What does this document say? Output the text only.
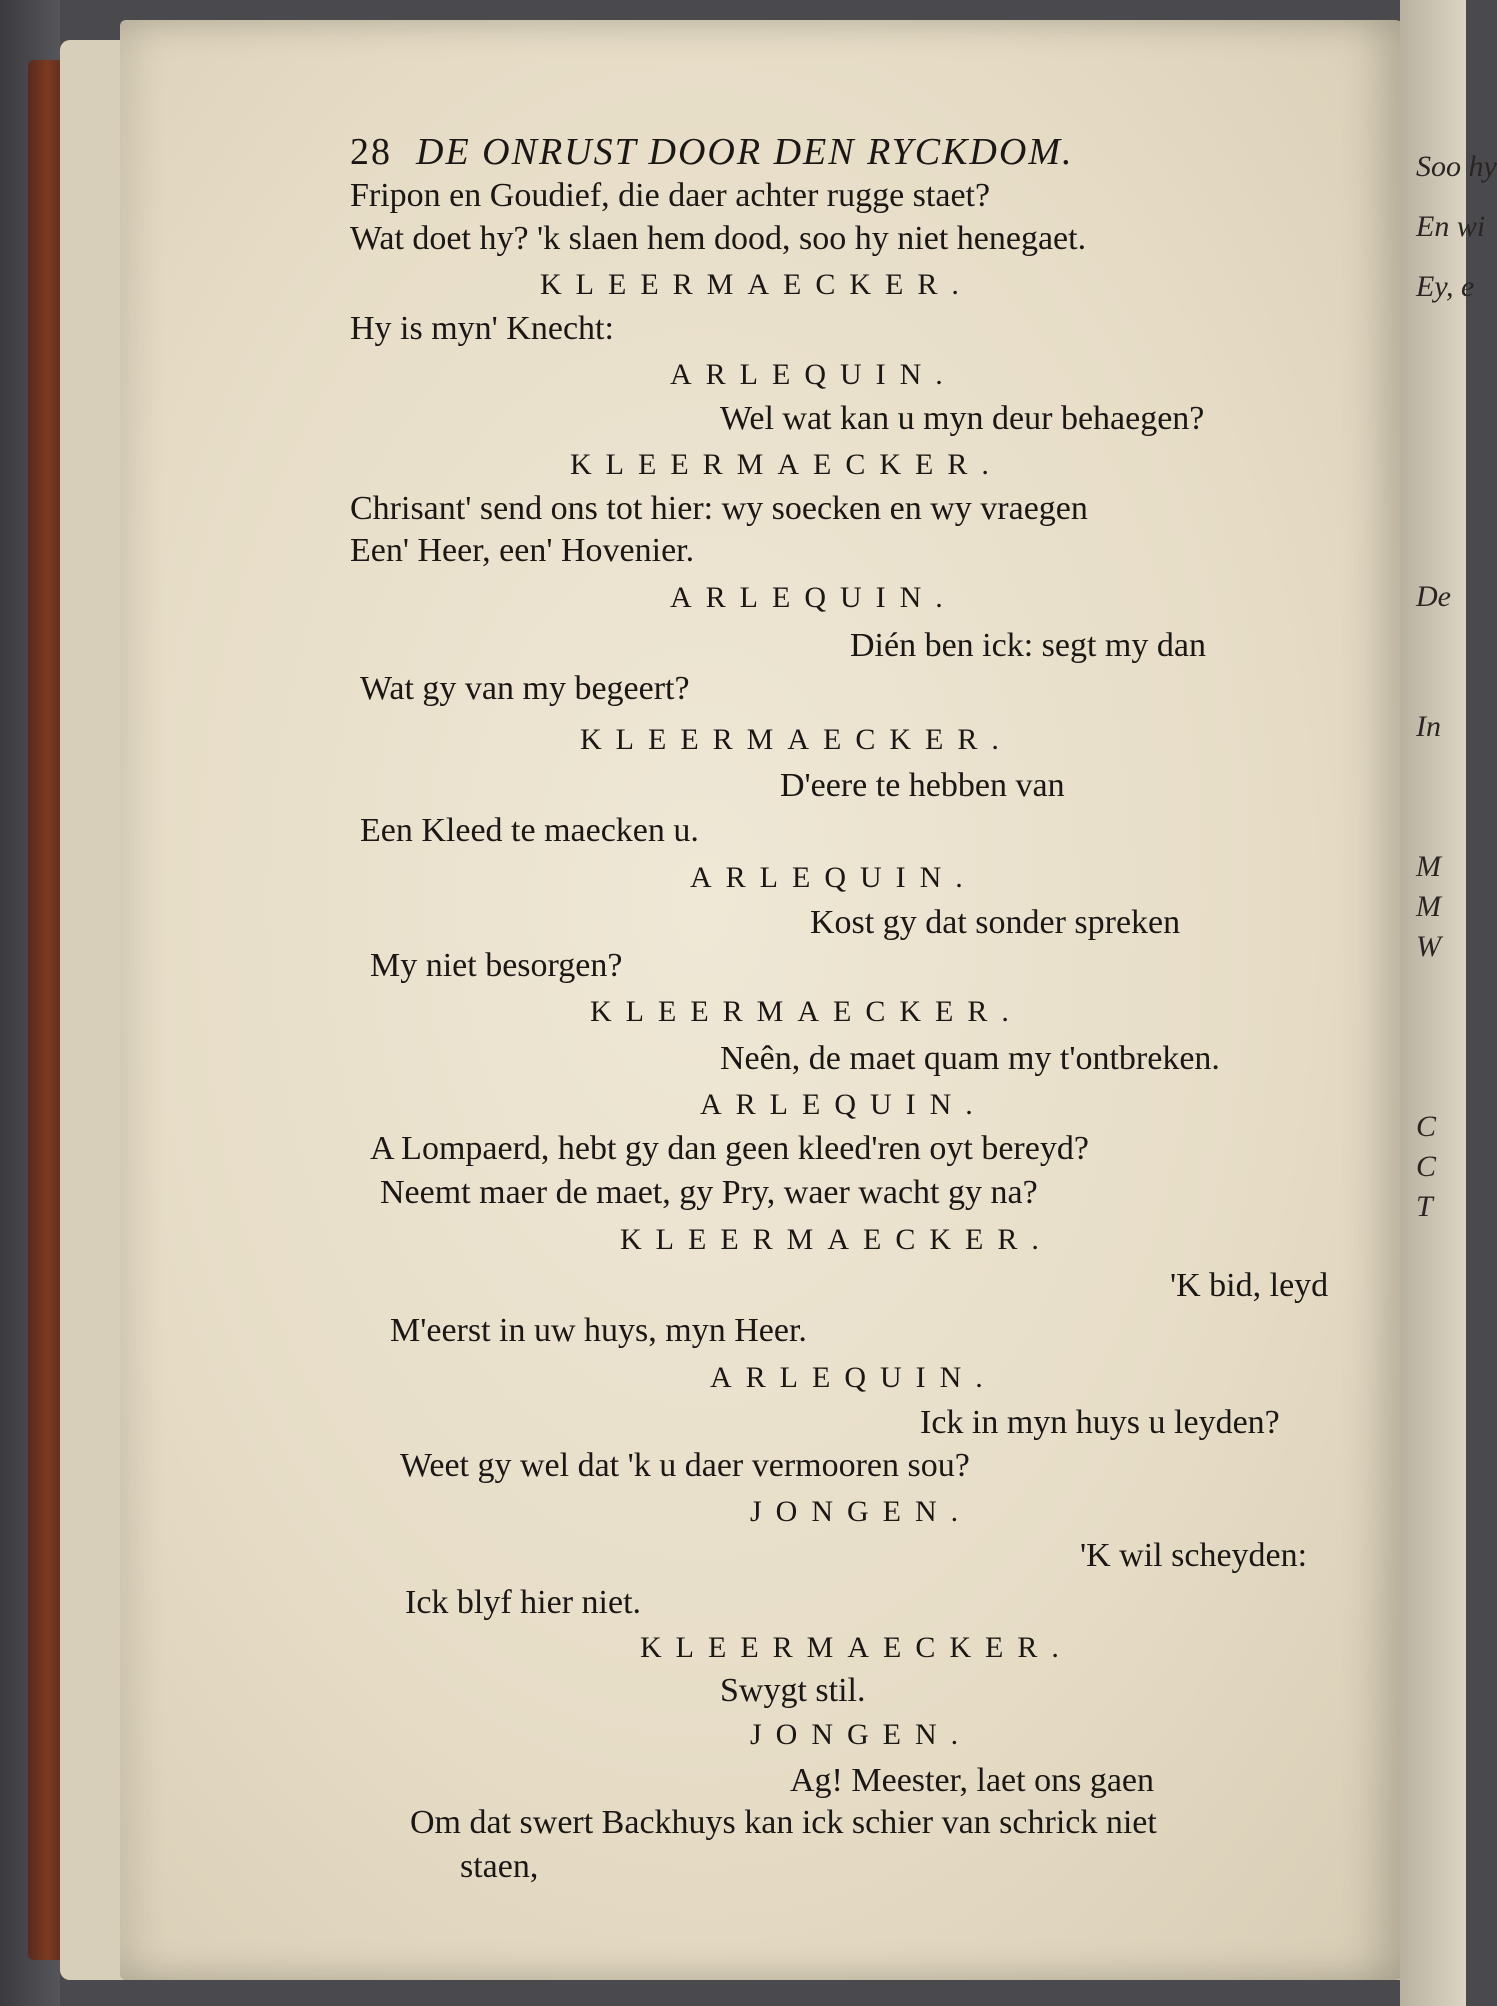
Soo hy
En wi
Ey, e
De
In
M
M
W
C
C
T
28 DE ONRUST DOOR DEN RYCKDOM.
Fripon en Goudief, die daer achter rugge staet?
Wat doet hy? 'k slaen hem dood, soo hy niet henegaet.
KLEERMAECKER.
Hy is myn' Knecht:
ARLEQUIN.
Wel wat kan u myn deur behaegen?
KLEERMAECKER.
Chrisant' send ons tot hier: wy soecken en wy vraegen
Een' Heer, een' Hovenier.
ARLEQUIN.
Dién ben ick: segt my dan
Wat gy van my begeert?
KLEERMAECKER.
D'eere te hebben van
Een Kleed te maecken u.
ARLEQUIN.
Kost gy dat sonder spreken
My niet besorgen?
KLEERMAECKER.
Neên, de maet quam my t'ontbreken.
ARLEQUIN.
A Lompaerd, hebt gy dan geen kleed'ren oyt bereyd?
Neemt maer de maet, gy Pry, waer wacht gy na?
KLEERMAECKER.
'K bid, leyd
M'eerst in uw huys, myn Heer.
ARLEQUIN.
Ick in myn huys u leyden?
Weet gy wel dat 'k u daer vermooren sou?
JONGEN.
'K wil scheyden:
Ick blyf hier niet.
KLEERMAECKER.
Swygt stil.
JONGEN.
Ag! Meester, laet ons gaen
Om dat swert Backhuys kan ick schier van schrick niet
staen,
